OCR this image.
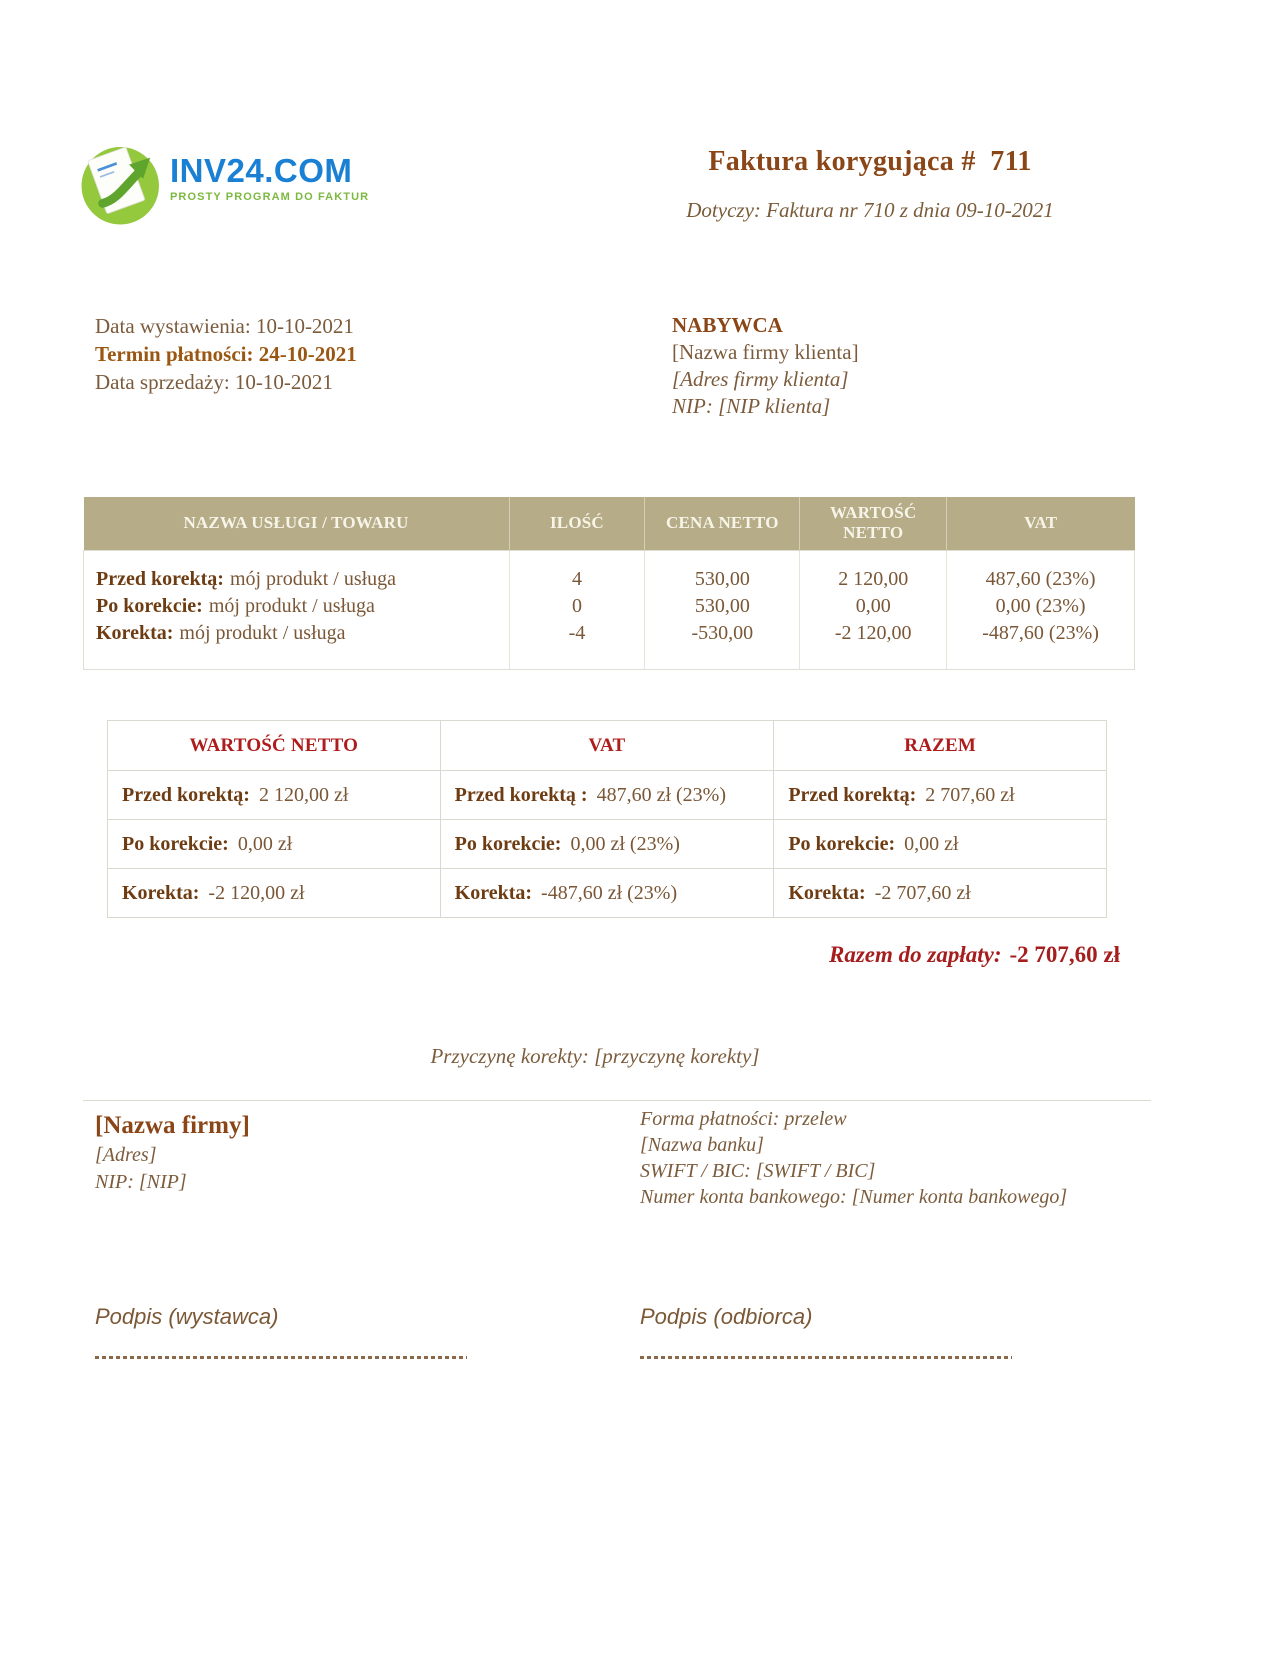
INV24.COM
PROSTY PROGRAM DO FAKTUR
Faktura korygująca #  711
Dotyczy: Faktura nr 710 z dnia 09-10-2021
Data wystawienia: 10-10-2021
Termin płatności: 24-10-2021
Data sprzedaży: 10-10-2021
NABYWCA
[Nazwa firmy klienta]
[Adres firmy klienta]
NIP: [NIP klienta]
NAZWA USŁUGI / TOWARU	ILOŚĆ	CENA NETTO	WARTOŚĆ NETTO	VAT
Przed korektą: mój produkt / usługa	4	530,00	2 120,00	487,60 (23%)
Po korekcie: mój produkt / usługa	0	530,00	0,00	0,00 (23%)
Korekta: mój produkt / usługa	-4	-530,00	-2 120,00	-487,60 (23%)
WARTOŚĆ NETTO	VAT	RAZEM
Przed korektą: 2 120,00 zł	Przed korektą : 487,60 zł (23%)	Przed korektą: 2 707,60 zł
Po korekcie: 0,00 zł	Po korekcie: 0,00 zł (23%)	Po korekcie: 0,00 zł
Korekta: -2 120,00 zł	Korekta: -487,60 zł (23%)	Korekta: -2 707,60 zł
Razem do zapłaty: -2 707,60 zł
Przyczynę korekty: [przyczynę korekty]
[Nazwa firmy]
[Adres]
NIP: [NIP]
Forma płatności: przelew
[Nazwa banku]
SWIFT / BIC: [SWIFT / BIC]
Numer konta bankowego: [Numer konta bankowego]
Podpis (wystawca)	Podpis (odbiorca)
